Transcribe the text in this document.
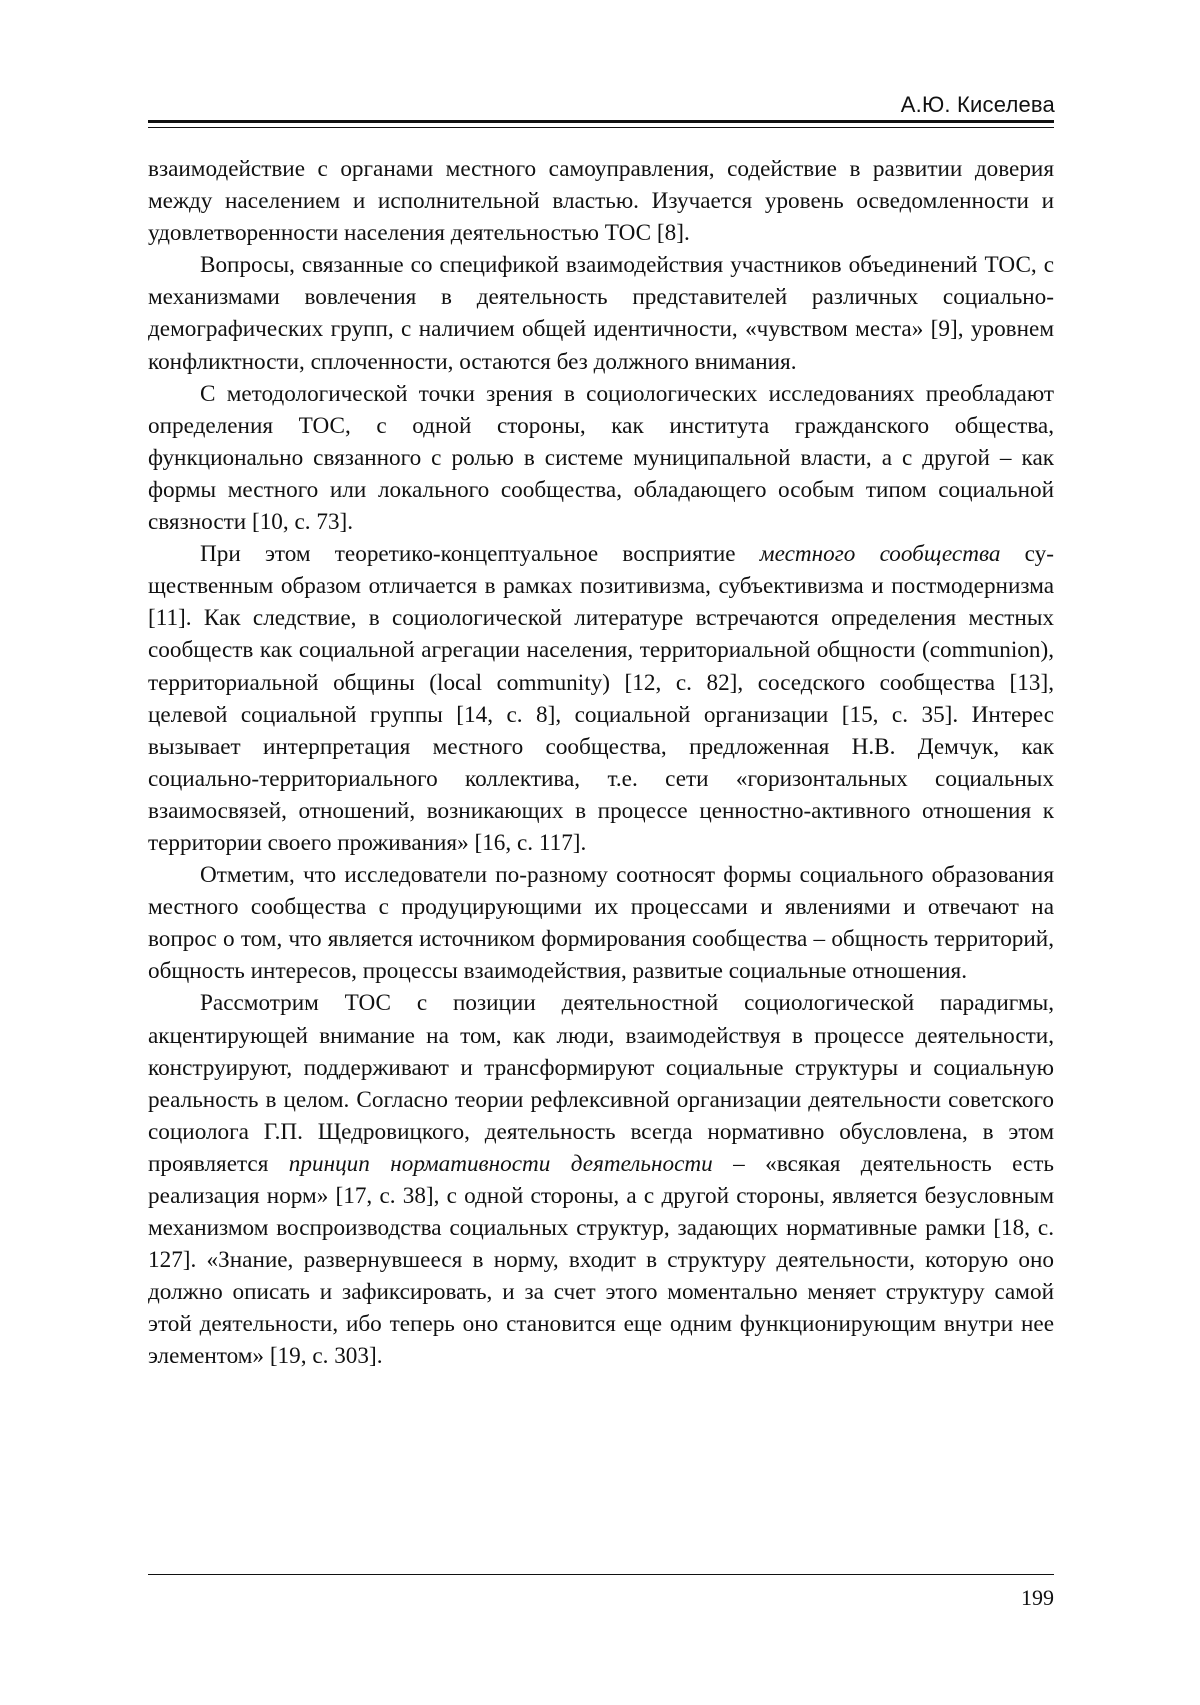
А.Ю. Киселева

взаимодействие с органами местного самоуправления, содействие в развитии доверия между населением и исполнительной властью. Изучается уровень осведомленности и удовлетворенности населения деятельностью ТОС [8].

Вопросы, связанные со спецификой взаимодействия участников объединений ТОС, с механизмами вовлечения в деятельность представителей различных социально-демографических групп, с наличием общей идентичности, «чувством места» [9], уровнем конфликтности, сплоченности, остаются без должного внимания.

С методологической точки зрения в социологических исследованиях преобладают определения ТОС, с одной стороны, как института гражданского общества, функционально связанного с ролью в системе муниципальной власти, а с другой – как формы местного или локального сообщества, обладающего особым типом социальной связности [10, с. 73].

При этом теоретико-концептуальное восприятие местного сообщества существенным образом отличается в рамках позитивизма, субъективизма и постмодернизма [11]. Как следствие, в социологической литературе встречаются определения местных сообществ как социальной агрегации населения, территориальной общности (communion), территориальной общины (local community) [12, с. 82], соседского сообщества [13], целевой социальной группы [14, с. 8], социальной организации [15, с. 35]. Интерес вызывает интерпретация местного сообщества, предложенная Н.В. Демчук, как социально-территориального коллектива, т.е. сети «горизонтальных социальных взаимосвязей, отношений, возникающих в процессе ценностно-активного отношения к территории своего проживания» [16, с. 117].

Отметим, что исследователи по-разному соотносят формы социального образования местного сообщества с продуцирующими их процессами и явлениями и отвечают на вопрос о том, что является источником формирования сообщества – общность территорий, общность интересов, процессы взаимодействия, развитые социальные отношения.

Рассмотрим ТОС с позиции деятельностной социологической парадигмы, акцентирующей внимание на том, как люди, взаимодействуя в процессе деятельности, конструируют, поддерживают и трансформируют социальные структуры и социальную реальность в целом. Согласно теории рефлексивной организации деятельности советского социолога Г.П. Щедровицкого, деятельность всегда нормативно обусловлена, в этом проявляется принцип нормативности деятельности – «всякая деятельность есть реализация норм» [17, с. 38], с одной стороны, а с другой стороны, является безусловным механизмом воспроизводства социальных структур, задающих нормативные рамки [18, с. 127]. «Знание, развернувшееся в норму, входит в структуру деятельности, которую оно должно описать и зафиксировать, и за счет этого моментально меняет структуру самой этой деятельности, ибо теперь оно становится еще одним функционирующим внутри нее элементом» [19, с. 303].

199
